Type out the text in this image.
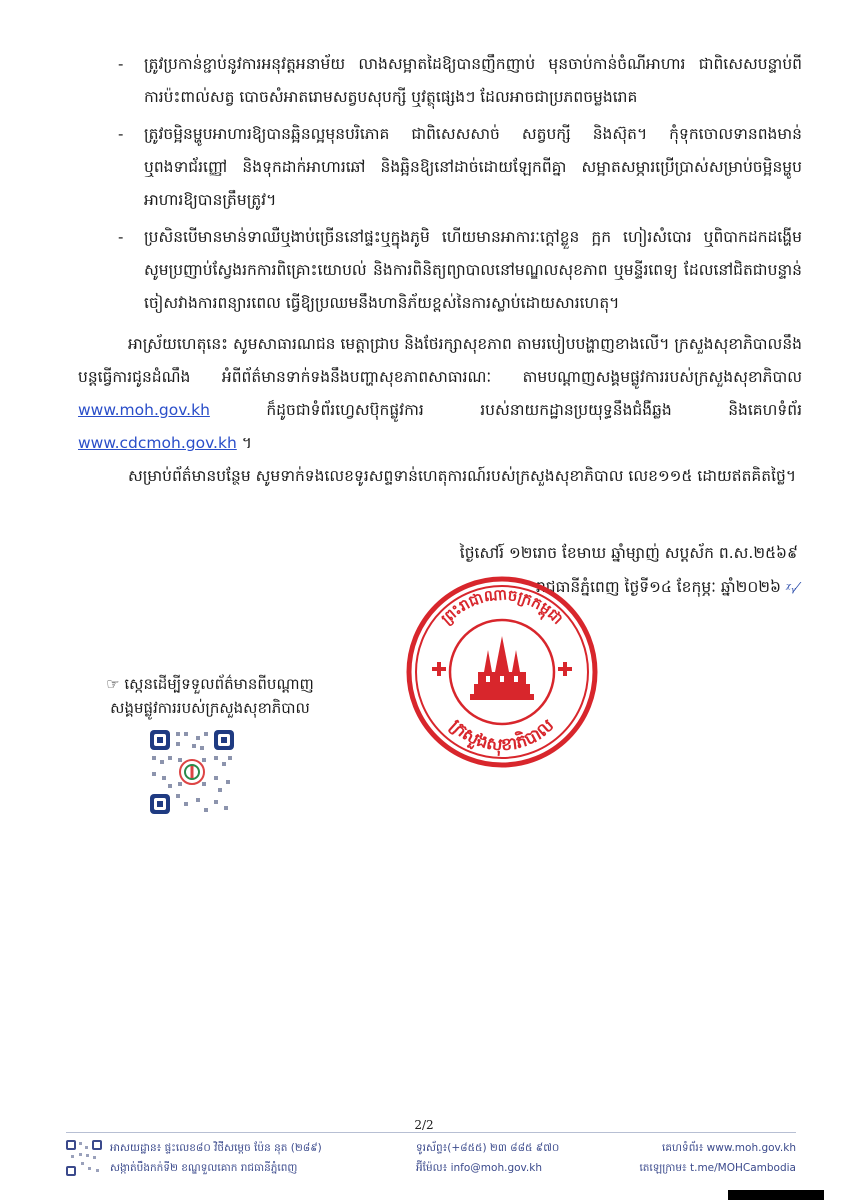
-	ត្រូវប្រកាន់ខ្ជាប់នូវការអនុវត្តអនាម័យ លាងសម្អាតដៃឱ្យបានញឹកញាប់ មុនចាប់កាន់ចំណីអាហារ ជាពិសេសបន្ទាប់ពីការប៉ះពាល់សត្វ បោចសំអាតរោមសត្វបសុបក្សី ឬវត្ថុផ្សេងៗ ដែលអាចជាប្រភពចម្លងរោគ
-	ត្រូវចម្អិនម្ហូបអាហារឱ្យបានឆ្អិនល្អមុនបរិភោគ ជាពិសេសសាច់ សត្វបក្សី និងស៊ុត។ កុំទុកចោលទានពងមាន់ ឬពងទាជ័រញ្ញៅ និងទុកដាក់អាហារឆៅ និងឆ្អិនឱ្យនៅដាច់ដោយឡែកពីគ្នា សម្អាតសម្ភារប្រើប្រាស់សម្រាប់ចម្អិនម្ហូបអាហារឱ្យបានត្រឹមត្រូវ។
-	ប្រសិនបើមានមាន់ទាឈឺឬងាប់ច្រើននៅផ្ទះឬក្នុងភូមិ ហើយមានអាការៈក្ដៅខ្លួន ក្អក ហៀរសំបោរ ឬពិបាកដកដង្ហើម សូមប្រញាប់ស្វែងរកការពិគ្រោះយោបល់ និងការពិនិត្យព្យាបាលនៅមណ្ឌលសុខភាព ឬមន្ទីរពេទ្យ ដែលនៅជិតជាបន្ទាន់ ចៀសវាងការពន្យារពេល ធ្វើឱ្យប្រឈមនឹងហានិភ័យខ្ពស់នៃការស្លាប់ដោយសារហេតុ។
អាស្រ័យហេតុនេះ សូមសាធារណជន មេត្តាជ្រាប និងថែរក្សាសុខភាព តាមរបៀបបង្ហាញខាងលើ។ ក្រសួងសុខាភិបាលនឹងបន្តធ្វើការជូនដំណឹង អំពីព័ត៌មានទាក់ទងនឹងបញ្ហាសុខភាពសាធារណៈ តាមបណ្តាញសង្គមផ្លូវការរបស់ក្រសួងសុខាភិបាល www.moh.gov.kh	ក៏ដូចជាទំព័រហ្វេសប៊ុកផ្លូវការ របស់នាយកដ្ឋានប្រយុទ្ធនឹងជំងឺឆ្លង និងគេហទំព័រ www.cdcmoh.gov.kh ។
សម្រាប់ព័ត៌មានបន្ថែម សូមទាក់ទងលេខទូរសព្ទទាន់ហេតុការណ៍របស់ក្រសួងសុខាភិបាល លេខ១១៥ ដោយឥតគិតថ្លៃ។
ថ្ងៃសៅរ៍ ១២រោច ខែមាឃ ឆ្នាំម្សាញ់ សប្តស័ក ព.ស.២៥៦៩
រាជធានីភ្នំពេញ ថ្ងៃទី១៤ ខែកុម្ភៈ ឆ្នាំ២០២៦ ᵡᵧ⁄
ព្រះរាជាណាចក្រកម្ពុជា
ក្រសួងសុខាភិបាល
☞ ស្កេនដើម្បីទទួលព័ត៌មានពីបណ្តាញសង្គមផ្លូវការរបស់ក្រសួងសុខាភិបាល
2/2
អាសយដ្ឋាន៖ ផ្ទះលេខ៨០ វិថីសម្ដេច ប៉ែន នុត (២៨៩)
សង្កាត់បឹងកក់ទី២ ខណ្ឌទួលគោក រាជធានីភ្នំពេញ
ទូរស័ព្ទ៖(+៨៥៥) ២៣ ៨៨៥ ៩៧០
អ៊ីម៉ែល៖ info@moh.gov.kh
គេហទំព័រ៖ www.moh.gov.kh
តេឡេក្រាម៖ t.me/MOHCambodia
